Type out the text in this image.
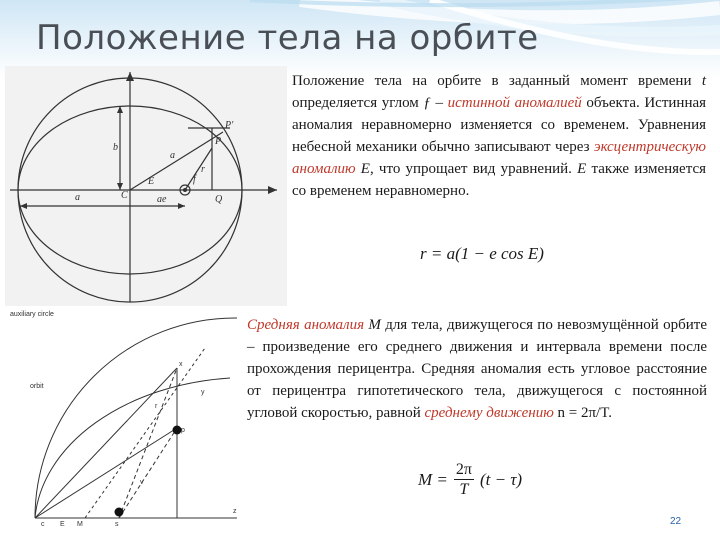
Положение тела на орбите
b
a
a
ae
C
E
r
f
P
P'
Q
auxiliary circle
orbit
c E M	s
p
x
y
r
v
z
Положение тела на орбите в заданный момент времени t определяется углом ƒ – истинной аномалией объекта. Истинная аномалия неравномерно изменяется со временем. Уравнения небесной механики обычно записывают через эксцентрическую аномалию E, что упрощает вид уравнений. E также изменяется со временем неравномерно.
r = a(1 − e cos E)
Средняя аномалия M для тела, движущегося по невозмущённой орбите – произведение его среднего движения и интервала времени после прохождения перицентра. Средняя аномалия есть угловое расстояние от перицентра гипотетического тела, движущегося с постоянной угловой скоростью, равной среднему движению n = 2π/T.
$M = \frac{2\pi}{T} (t - \tau)$
22
